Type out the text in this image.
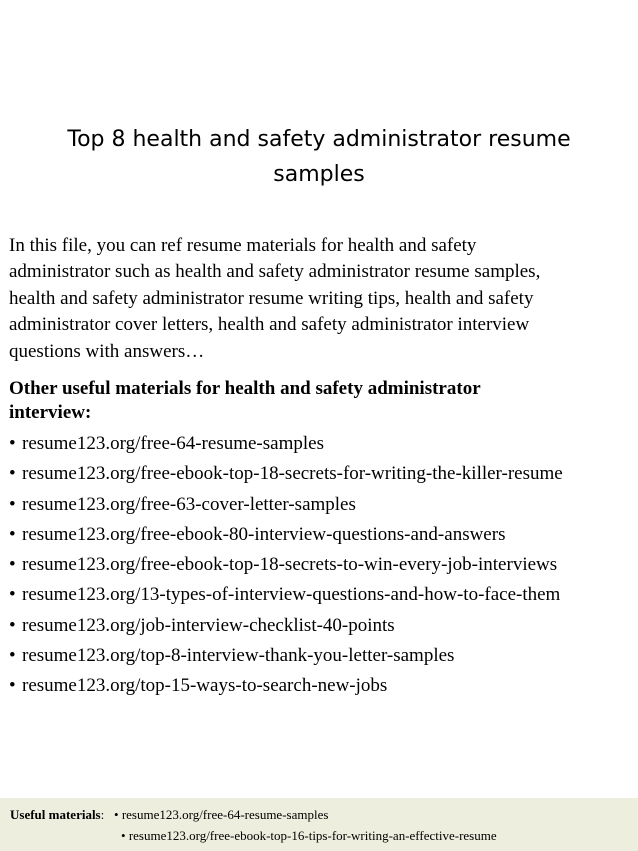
Top 8 health and safety administrator resume
samples
In this file, you can ref resume materials for health and safety
administrator such as health and safety administrator resume samples,
health and safety administrator resume writing tips, health and safety
administrator cover letters, health and safety administrator interview
questions with answers…
Other useful materials for health and safety administrator
interview:
• resume123.org/free-64-resume-samples
• resume123.org/free-ebook-top-18-secrets-for-writing-the-killer-resume
• resume123.org/free-63-cover-letter-samples
• resume123.org/free-ebook-80-interview-questions-and-answers
• resume123.org/free-ebook-top-18-secrets-to-win-every-job-interviews
• resume123.org/13-types-of-interview-questions-and-how-to-face-them
• resume123.org/job-interview-checklist-40-points
• resume123.org/top-8-interview-thank-you-letter-samples
• resume123.org/top-15-ways-to-search-new-jobs
Useful materials: • resume123.org/free-64-resume-samples
• resume123.org/free-ebook-top-16-tips-for-writing-an-effective-resume
